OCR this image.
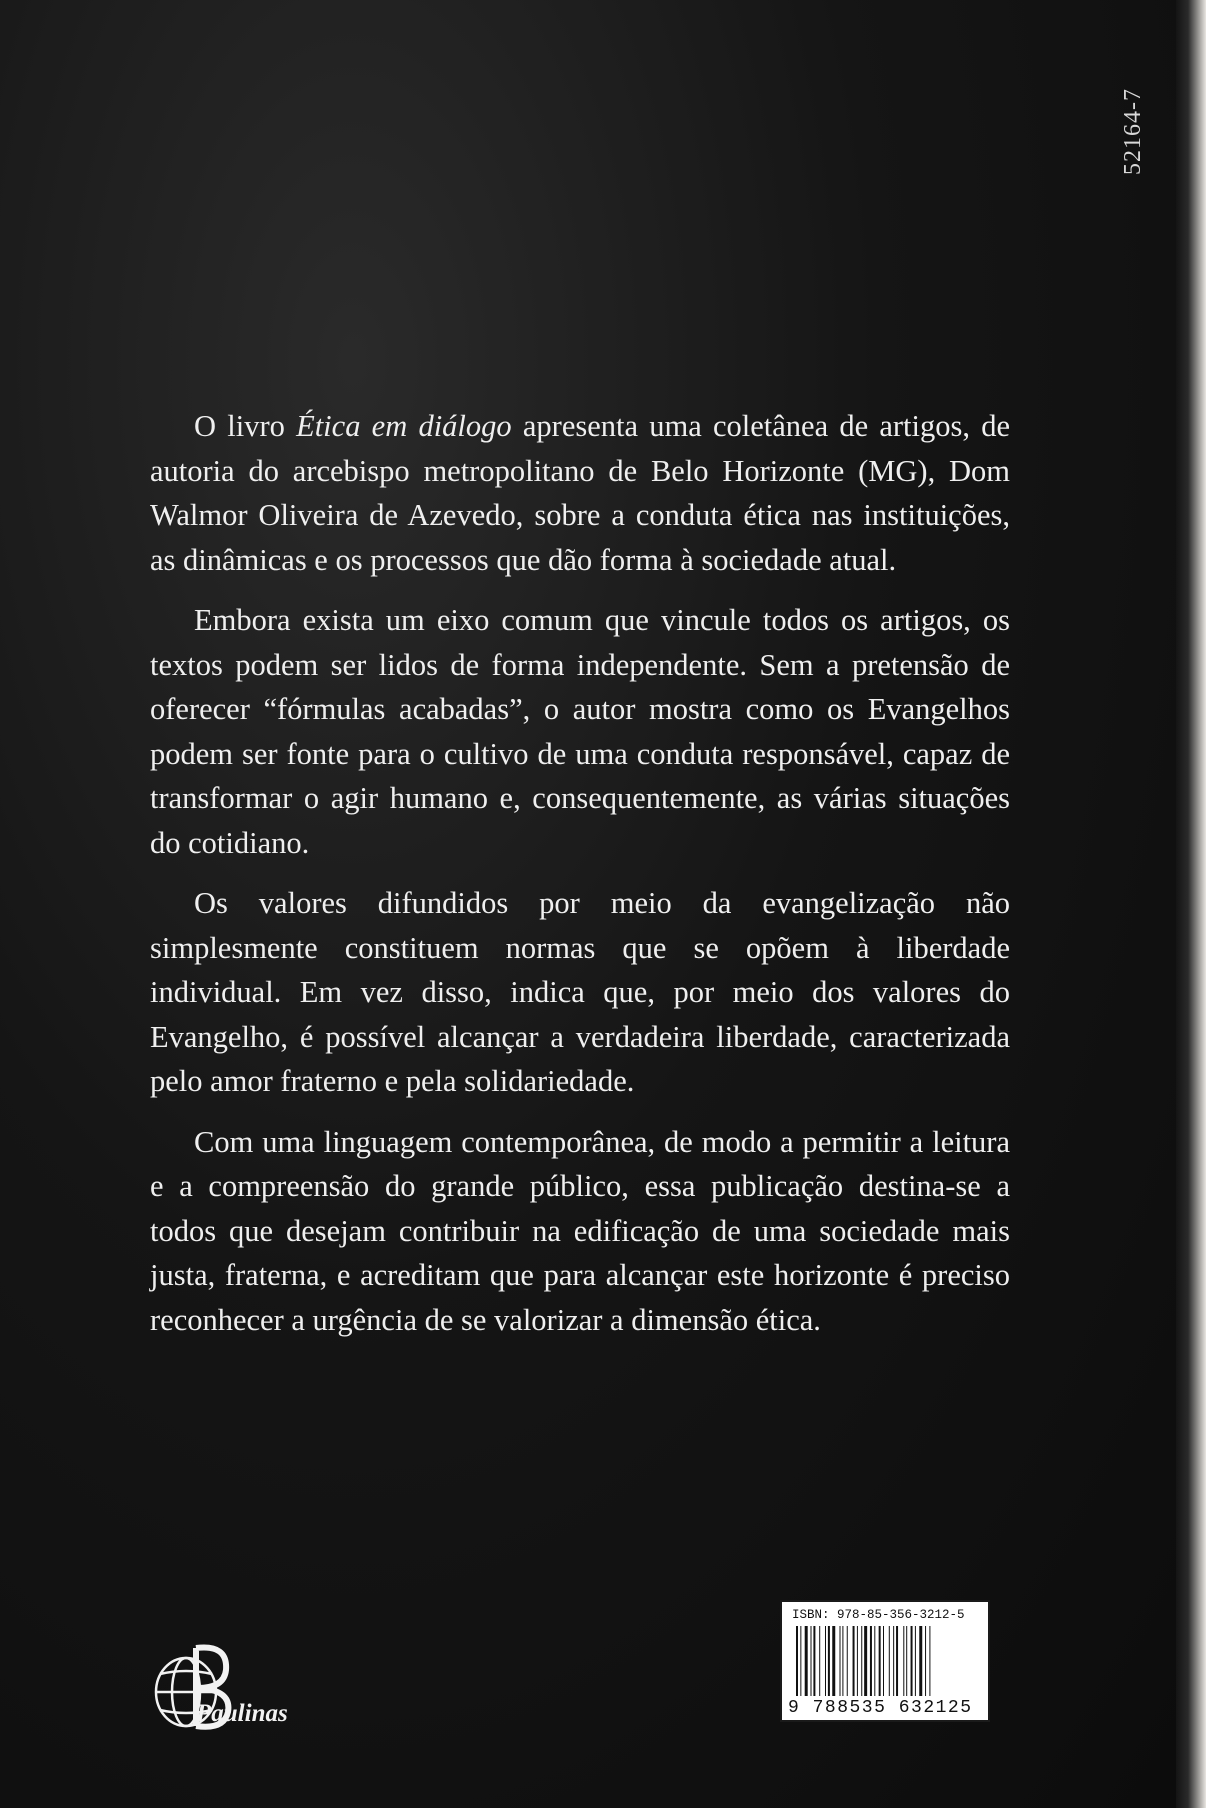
52164-7

O livro Ética em diálogo apresenta uma coletânea de artigos, de autoria do arcebispo metropolitano de Belo Horizonte (MG), Dom Walmor Oliveira de Azevedo, sobre a conduta ética nas instituições, as dinâmicas e os processos que dão forma à sociedade atual.

Embora exista um eixo comum que vincule todos os artigos, os textos podem ser lidos de forma independente. Sem a pretensão de oferecer “fórmulas acabadas”, o autor mostra como os Evangelhos podem ser fonte para o cultivo de uma conduta responsável, capaz de transformar o agir humano e, consequentemente, as várias situações do cotidiano.

Os valores difundidos por meio da evangelização não simplesmente constituem normas que se opõem à liberdade individual. Em vez disso, indica que, por meio dos valores do Evangelho, é possível alcançar a verdadeira liberdade, caracterizada pelo amor fraterno e pela solidariedade.

Com uma linguagem contemporânea, de modo a permitir a leitura e a compreensão do grande público, essa publicação destina-se a todos que desejam contribuir na edificação de uma sociedade mais justa, fraterna, e acreditam que para alcançar este horizonte é preciso reconhecer a urgência de se valorizar a dimensão ética.

Paulinas
ISBN: 978-85-356-3212-5
9 788535 632125
